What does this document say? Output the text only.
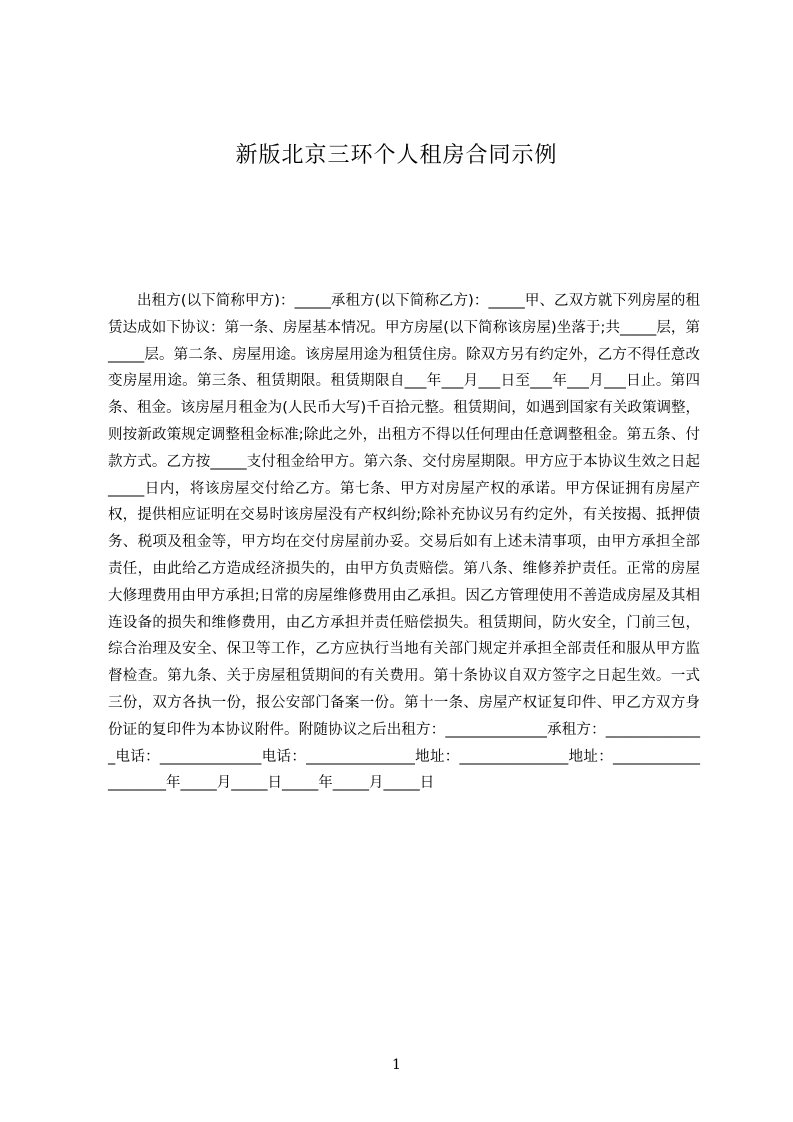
新版北京三环个人租房合同示例
出租方(以下简称甲方)：_____承租方(以下简称乙方)：_____甲、乙双方就下列房屋的租赁达成如下协议：第一条、房屋基本情况。甲方房屋(以下简称该房屋)坐落于;共_____层，第_____层。第二条、房屋用途。该房屋用途为租赁住房。除双方另有约定外，乙方不得任意改变房屋用途。第三条、租赁期限。租赁期限自___年___月___日至___年___月___日止。第四条、租金。该房屋月租金为(人民币大写)千百拾元整。租赁期间，如遇到国家有关政策调整，则按新政策规定调整租金标准;除此之外，出租方不得以任何理由任意调整租金。第五条、付款方式。乙方按_____支付租金给甲方。第六条、交付房屋期限。甲方应于本协议生效之日起_____日内，将该房屋交付给乙方。第七条、甲方对房屋产权的承诺。甲方保证拥有房屋产权，提供相应证明在交易时该房屋没有产权纠纷;除补充协议另有约定外，有关按揭、抵押债务、税项及租金等，甲方均在交付房屋前办妥。交易后如有上述未清事项，由甲方承担全部责任，由此给乙方造成经济损失的，由甲方负责赔偿。第八条、维修养护责任。正常的房屋大修理费用由甲方承担;日常的房屋维修费用由乙承担。因乙方管理使用不善造成房屋及其相连设备的损失和维修费用，由乙方承担并责任赔偿损失。租赁期间，防火安全，门前三包，综合治理及安全、保卫等工作，乙方应执行当地有关部门规定并承担全部责任和服从甲方监督检查。第九条、关于房屋租赁期间的有关费用。第十条协议自双方签字之日起生效。一式三份，双方各执一份，报公安部门备案一份。第十一条、房屋产权证复印件、甲乙方双方身份证的复印件为本协议附件。附随协议之后出租方：______________承租方：______________电话：______________电话：_______________地址：_______________地址：____________________年_____月_____日_____年_____月_____日
1
